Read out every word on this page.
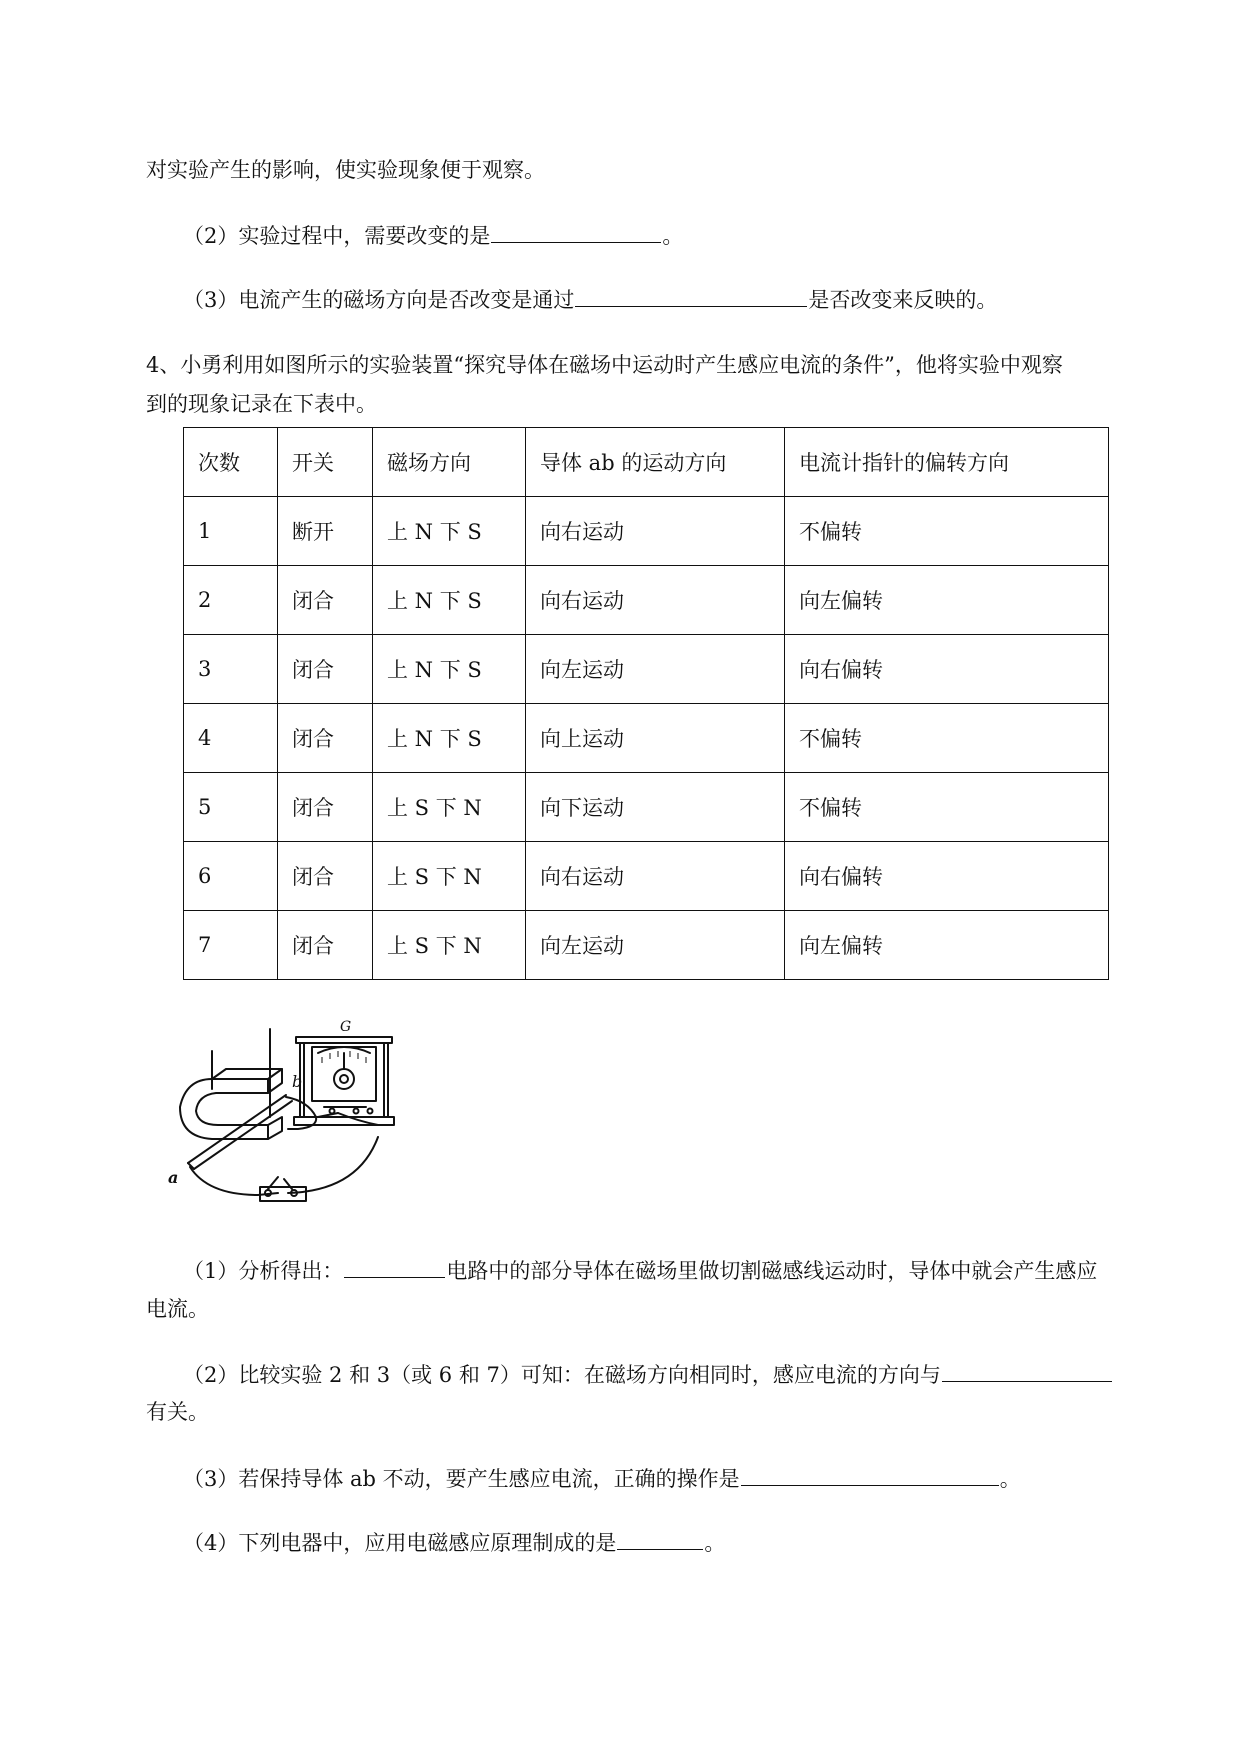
对实验产生的影响，使实验现象便于观察。
（2）实验过程中，需要改变的是	。
（3）电流产生的磁场方向是否改变是通过	是否改变来反映的。
4、小勇利用如图所示的实验装置“探究导体在磁场中运动时产生感应电流的条件”，他将实验中观察
到的现象记录在下表中。
次数	开关	磁场方向	导体 ab 的运动方向	电流计指针的偏转方向
1	断开	上 N 下 S	向右运动	不偏转
2	闭合	上 N 下 S	向右运动	向左偏转
3	闭合	上 N 下 S	向左运动	向右偏转
4	闭合	上 N 下 S	向上运动	不偏转
5	闭合	上 S 下 N	向下运动	不偏转
6	闭合	上 S 下 N	向右运动	向右偏转
7	闭合	上 S 下 N	向左运动	向左偏转
G
b
a
（1）分析得出：	电路中的部分导体在磁场里做切割磁感线运动时，导体中就会产生感应
电流。
（2）比较实验 2 和 3（或 6 和 7）可知：在磁场方向相同时，感应电流的方向与
有关。
（3）若保持导体 ab 不动，要产生感应电流，正确的操作是	。
（4）下列电器中，应用电磁感应原理制成的是	。
